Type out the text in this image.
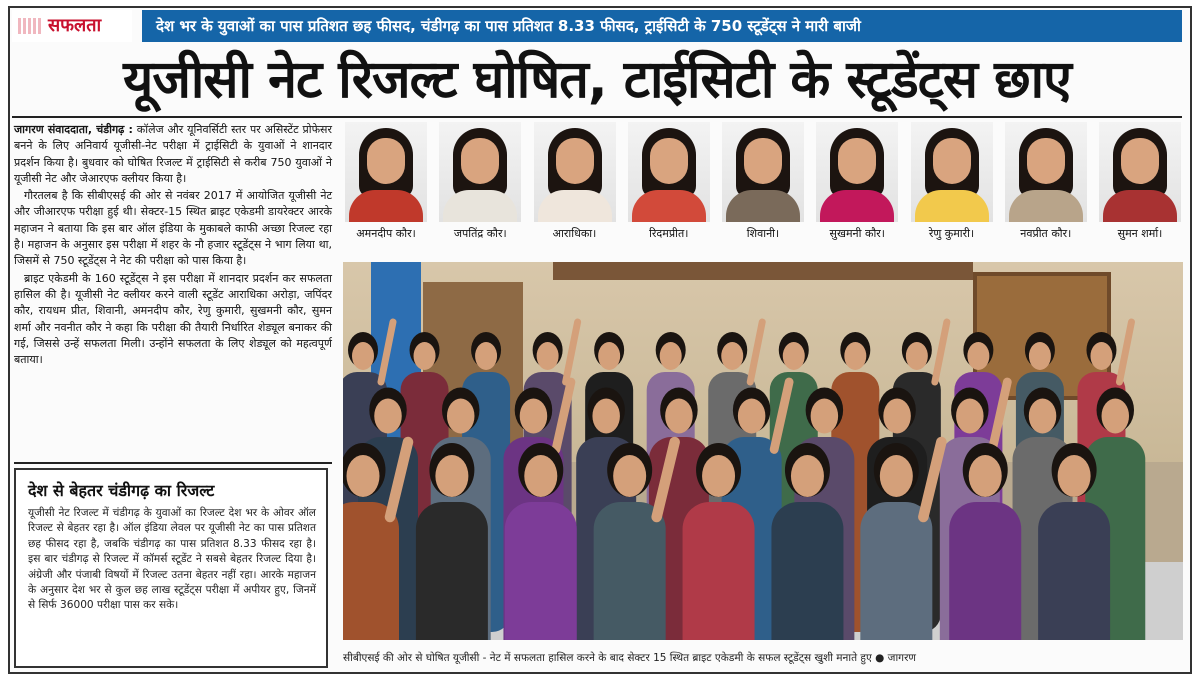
सफलता	देश भर के युवाओं का पास प्रतिशत छह फीसद, चंडीगढ़ का पास प्रतिशत 8.33 फीसद, ट्राईसिटी के 750 स्टूडेंट्स ने मारी बाजी
यूजीसी नेट रिजल्ट घोषित, टाईसिटी के स्टूडेंट्स छाए

जागरण संवाददाता, चंडीगढ़ : कॉलेज और यूनिवर्सिटी स्तर पर असिस्टेंट प्रोफेसर बनने के लिए अनिवार्य यूजीसी-नेट परीक्षा में ट्राईसिटी के युवाओं ने शानदार प्रदर्शन किया है। बुधवार को घोषित रिजल्ट में ट्राईसिटी से करीब 750 युवाओं ने यूजीसी नेट और जेआरएफ क्लीयर किया है।

गौरतलब है कि सीबीएसई की ओर से नवंबर 2017 में आयोजित यूजीसी नेट और जीआरएफ परीक्षा हुई थी। सेक्टर-15 स्थित ब्राइट एकेडमी डायरेक्टर आरके महाजन ने बताया कि इस बार ऑल इंडिया के मुकाबले काफी अच्छा रिजल्ट रहा है। महाजन के अनुसार इस परीक्षा में शहर के नौ हजार स्टूडेंट्स ने भाग लिया था, जिसमें से 750 स्टूडेंट्स ने नेट की परीक्षा को पास किया है।

ब्राइट एकेडमी के 160 स्टूडेंट्स ने इस परीक्षा में शानदार प्रदर्शन कर सफलता हासिल की है। यूजीसी नेट क्लीयर करने वाली स्टूडेंट आराधिका अरोड़ा, जपिंदर कौर, रायधम प्रीत, शिवानी, अमनदीप कौर, रेणु कुमारी, सुखमनी कौर, सुमन शर्मा और नवनीत कौर ने कहा कि परीक्षा की तैयारी निर्धारित शेड्यूल बनाकर की गई, जिससे उन्हें सफलता मिली। उन्होंने सफलता के लिए शेड्यूल को महत्वपूर्ण बताया।

देश से बेहतर चंडीगढ़ का रिजल्ट

यूजीसी नेट रिजल्ट में चंडीगढ़ के युवाओं का रिजल्ट देश भर के ओवर ऑल रिजल्ट से बेहतर रहा है। ऑल इंडिया लेवल पर यूजीसी नेट का पास प्रतिशत छह फीसद रहा है, जबकि चंडीगढ़ का पास प्रतिशत 8.33 फीसद रहा है। इस बार चंडीगढ़ से रिजल्ट में कॉमर्स स्टूडेंट ने सबसे बेहतर रिजल्ट दिया है। अंग्रेजी और पंजाबी विषयों में रिजल्ट उतना बेहतर नहीं रहा। आरके महाजन के अनुसार देश भर से कुल छह लाख स्टूडेंट्स परीक्षा में अपीयर हुए, जिनमें से सिर्फ 36000 परीक्षा पास कर सके।

अमनदीप कौर।	जपतिंद्र कौर।	आराधिका।	रिदमप्रीत।	शिवानी।	सुखमनी कौर।	रेणु कुमारी।	नवप्रीत कौर।	सुमन शर्मा।
सीबीएसई की ओर से घोषित यूजीसी - नेट में सफलता हासिल करने के बाद सेक्टर 15 स्थित ब्राइट एकेडमी के सफल स्टूडेंट्स खुशी मनाते हुए ● जागरण
